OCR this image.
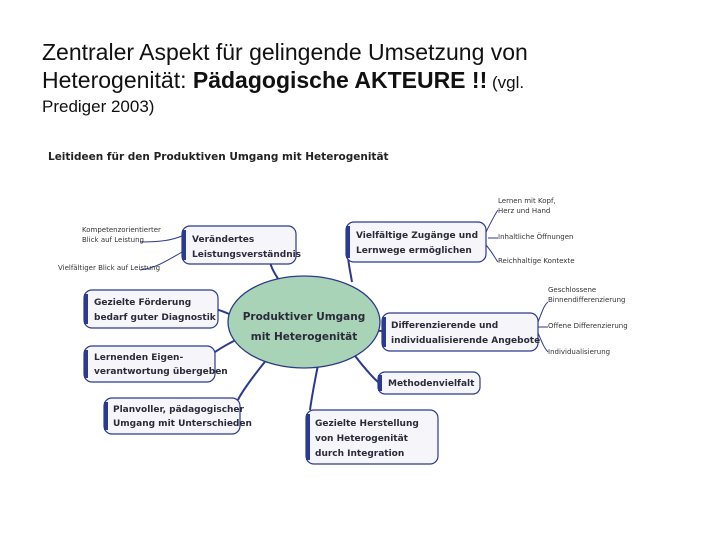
Zentraler Aspekt für gelingende Umsetzung von
Heterogenität: Pädagogische AKTEURE !! (vgl.
Prediger 2003)
Leitideen für den Produktiven Umgang mit Heterogenität
Produktiver Umgang
mit Heterogenität
Verändertes
Leistungsverständnis
Gezielte Förderung
bedarf guter Diagnostik
Lernenden Eigen-
verantwortung übergeben
Planvoller, pädagogischer
Umgang mit Unterschieden
Vielfältige Zugänge und
Lernwege ermöglichen
Differenzierende und
individualisierende Angebote
Methodenvielfalt
Gezielte Herstellung
von Heterogenität
durch Integration
Kompetenzorientierter
Blick auf Leistung
Vielfältiger Blick auf Leistung
Lernen mit Kopf,
Herz und Hand
Inhaltliche Öffnungen
Reichhaltige Kontexte
Geschlossene
Binnendifferenzierung
Offene Differenzierung
Individualisierung
